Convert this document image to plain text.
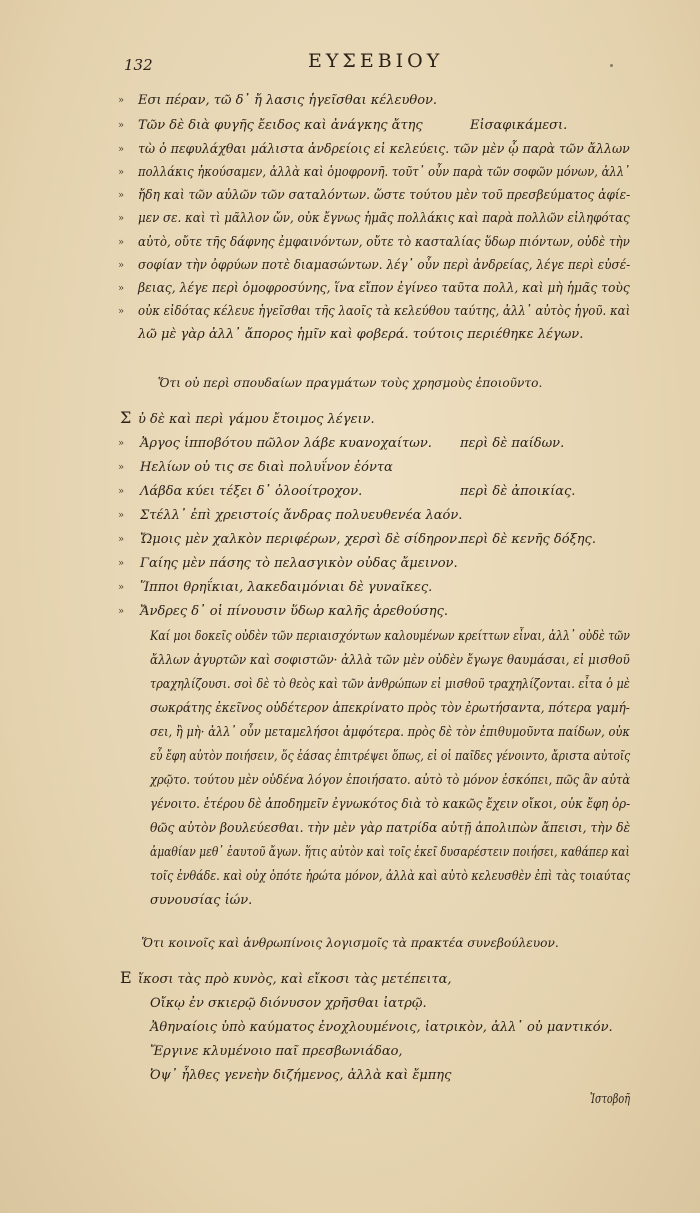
132	ΕΥΣΕΒΙΟΥ
» Εσι πέραν, τῶ δ᾽ ἤ λασις ἡγεῖσθαι κέλευθον.
» Τῶν δὲ διὰ φυγῆς ἔειδος καὶ ἀνάγκης ἄτης	Εἰσαφικάμεσι.
» τὼ ὁ πεφυλάχθαι μάλιστα ἀνδρείοις εἰ κελεύεις. τῶν μὲν ᾧ παρὰ τῶν ἄλλων
» πολλάκις ἠκούσαμεν, ἀλλὰ καὶ ὁμοφρονῆ. τοῦτ᾽ οὖν παρὰ τῶν σοφῶν μόνων, ἀλλ᾽
» ἤδη καὶ τῶν αὐλῶν τῶν σαταλόντων. ὥστε τούτου μὲν τοῦ πρεσβεύματος ἀφίε-
» μεν σε. καὶ τὶ μᾶλλον ὤν, οὐκ ἔγνως ἡμᾶς πολλάκις καὶ παρὰ πολλῶν εἰληφότας
» αὐτὸ, οὔτε τῆς δάφνης ἐμφαινόντων, οὔτε τὸ κασταλίας ὕδωρ πιόντων, οὐδὲ τὴν
» σοφίαν τὴν ὀφρύων ποτὲ διαμασώντων. λέγ᾽ οὖν περὶ ἀνδρείας, λέγε περὶ εὐσέ-
» βειας, λέγε περὶ ὁμοφροσύνης, ἵνα εἴπον ἐγίνεο ταῦτα πολλ, καὶ μὴ ἡμᾶς τοὺς
» οὐκ εἰδότας κέλευε ἡγεῖσθαι τῆς λαοῖς τὰ κελεύθου ταύτης, ἀλλ᾽ αὐτὸς ἡγοῦ. καὶ
λῶ μὲ γὰρ ἀλλ᾽ ἄπορος ἡμῖν καὶ φοβερά. τούτοις περιέθηκε λέγων.
Ὅτι οὐ περὶ σπουδαίων πραγμάτων τοὺς χρησμοὺς ἐποιοῦντο.
Σ ὐ δὲ καὶ περὶ γάμου ἔτοιμος λέγειν.
» Ἀργος ἱπποβότου πῶλον λάβε κυανοχαίτων. περὶ δὲ παίδων.
» Ηελίων οὐ τις σε διαὶ πολυΐνον ἐόντα
» Λάβδα κύει τέξει δ᾽ ὀλοοίτροχον.	περὶ δὲ ἀποικίας.
» Στέλλ᾽ ἐπὶ χρειστοίς ἄνδρας πολυευθενέα λαόν.
» Ὤμοις μὲν χαλκὸν περιφέρων, χερσὶ δὲ σίδηρον.
περὶ δὲ κενῆς δόξης.
» Γαίης μὲν πάσης τὸ πελασγικὸν οὐδας ἄμεινον.
» Ἵπποι θρηΐκιαι, λακεδαιμόνιαι δὲ γυναῖκες.
» Ἄνδρες δ᾽ οἱ πίνουσιν ὕδωρ καλῆς ἀρεθούσης.
Καί μοι δοκεῖς οὐδὲν τῶν περιαισχόντων καλουμένων κρείττων εἶναι, ἀλλ᾽ οὐδὲ τῶν
ἄλλων ἀγυρτῶν καὶ σοφιστῶν· ἀλλὰ τῶν μὲν οὐδὲν ἔγωγε θαυμάσαι, εἰ μισθοῦ
τραχηλίζουσι. σοὶ δὲ τὸ θεὸς καὶ τῶν ἀνθρώπων εἰ μισθοῦ τραχηλίζονται. εἶτα ὁ μὲ
σωκράτης ἐκεῖνος οὐδέτερον ἀπεκρίνατο πρὸς τὸν ἐρωτήσαντα, πότερα γαμή-
σει, ἢ μὴ· ἀλλ᾽ οὖν μεταμελήσοι ἀμφότερα. πρὸς δὲ τὸν ἐπιθυμοῦντα παίδων, οὐκ
εὖ ἔφη αὐτὸν ποιήσειν, ὅς ἐάσας ἐπιτρέψει ὅπως, εἰ οἱ παῖδες γένοιντο, ἄριστα αὐτοῖς
χρῷτο. τούτου μὲν οὐδένα λόγον ἐποιήσατο. αὐτὸ τὸ μόνον ἐσκόπει, πῶς ἂν αὐτὰ
γένοιτο. ἑτέρου δὲ ἀποδημεῖν ἐγνωκότος διὰ τὸ κακῶς ἔχειν οἴκοι, οὐκ ἔφη ὀρ-
θῶς αὐτὸν βουλεύεσθαι. τὴν μὲν γὰρ πατρίδα αὐτῇ ἀπολιπὼν ἄπεισι, τὴν δὲ
ἀμαθίαν μεθ᾽ ἑαυτοῦ ἄγων. ἥτις αὐτὸν καὶ τοῖς ἐκεῖ δυσαρέστειν ποιήσει, καθάπερ καὶ
τοῖς ἐνθάδε. καὶ οὐχ ὁπότε ἠρώτα μόνον, ἀλλὰ καὶ αὐτὸ κελευσθὲν ἐπὶ τὰς τοιαύτας
συνουσίας ἰών.
Ὅτι κοινοῖς καὶ ἀνθρωπίνοις λογισμοῖς τὰ πρακτέα συνεβούλευον.
Ε ἴκοσι τὰς πρὸ κυνὸς, καὶ εἴκοσι τὰς μετέπειτα,
Οἴκῳ ἐν σκιερῷ διόνυσον χρῆσθαι ἰατρῷ.
Ἀθηναίοις ὑπὸ καύματος ἐνοχλουμένοις, ἰατρικὸν, ἀλλ᾽ οὐ μαντικόν.
Ἔργινε κλυμένοιο παῖ πρεσβωνιάδαο,
Ὀψ᾽ ἦλθες γενεὴν διζήμενος, ἀλλὰ καὶ ἔμπης
Ἱστοβοῆ
